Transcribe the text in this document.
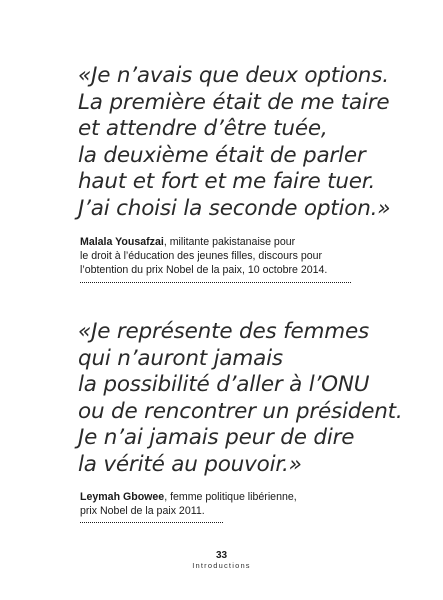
«Je n’avais que deux options.
La première était de me taire
et attendre d’être tuée,
la deuxième était de parler
haut et fort et me faire tuer.
J’ai choisi la seconde option.»
Malala Yousafzai, militante pakistanaise pour
le droit à l’éducation des jeunes filles, discours pour
l’obtention du prix Nobel de la paix, 10 octobre 2014.
«Je représente des femmes
qui n’auront jamais
la possibilité d’aller à l’ONU
ou de rencontrer un président.
Je n’ai jamais peur de dire
la vérité au pouvoir.»
Leymah Gbowee, femme politique libérienne,
prix Nobel de la paix 2011.
33
Introductions
